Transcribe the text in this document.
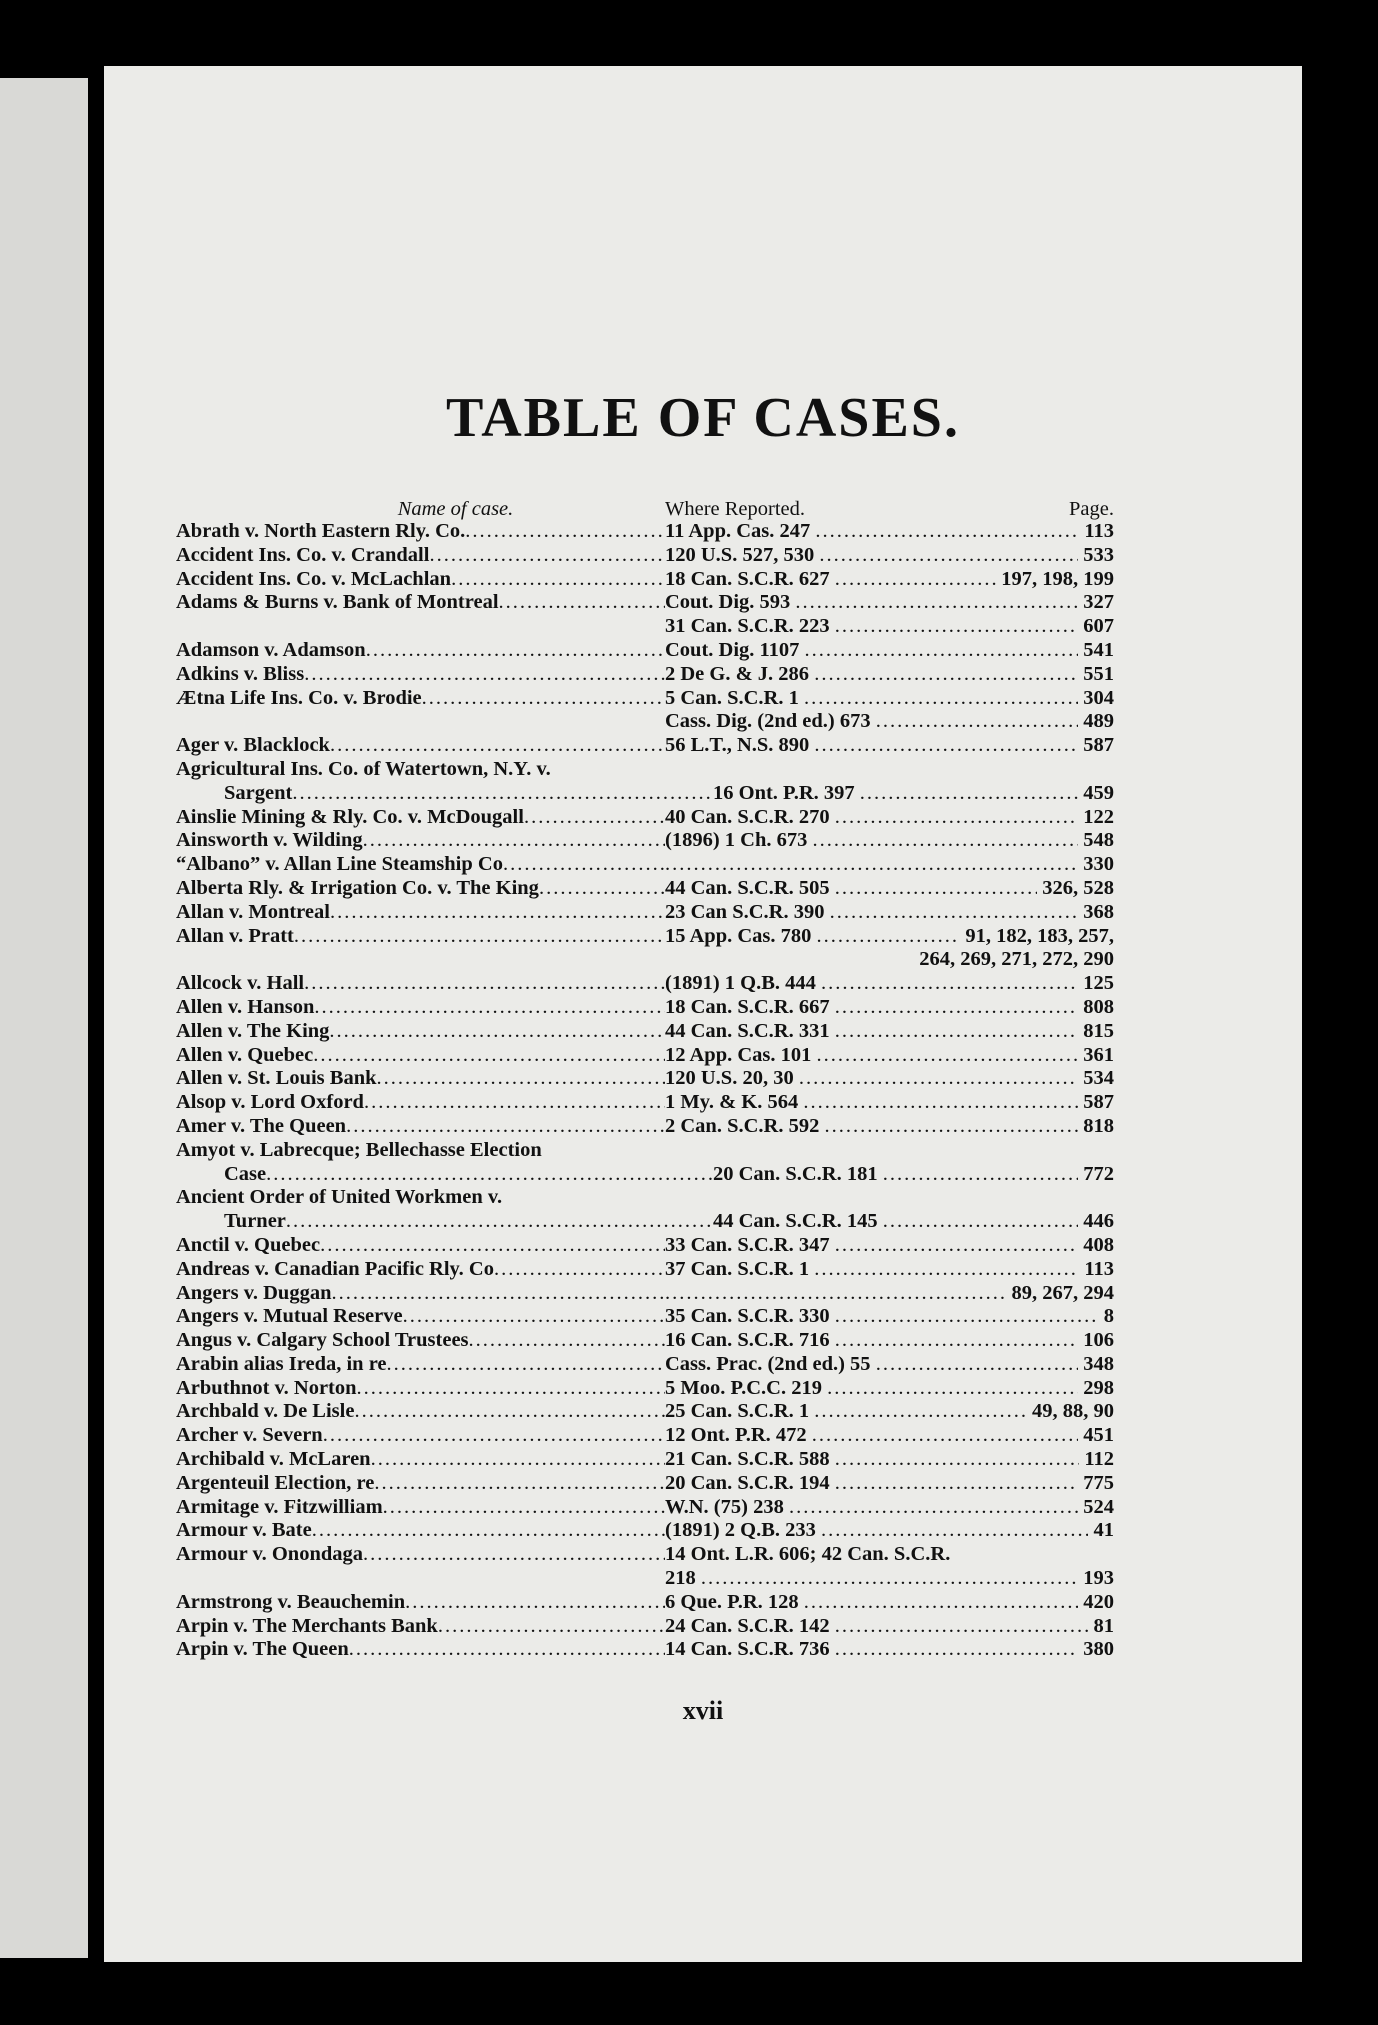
TABLE OF CASES.
Name of case.	Where Reported.	Page.
Abrath v. North Eastern Rly. Co. .....	11 App. Cas. 247 .....	113
Accident Ins. Co. v. Crandall .....	120 U.S. 527, 530 .....	533
Accident Ins. Co. v. McLachlan .....	18 Can. S.C.R. 627 .....	197, 198, 199
Adams & Burns v. Bank of Montreal .....	Cout. Dig. 593 .....	327
31 Can. S.C.R. 223 .....	607
Adamson v. Adamson .....	Cout. Dig. 1107 .....	541
Adkins v. Bliss .....	2 De G. & J. 286 .....	551
Ætna Life Ins. Co. v. Brodie .....	5 Can. S.C.R. 1 .....	304
Cass. Dig. (2nd ed.) 673 .....	489
Ager v. Blacklock .....	56 L.T., N.S. 890 .....	587
Agricultural Ins. Co. of Watertown, N.Y. v.
Sargent .....	16 Ont. P.R. 397 .....	459
Ainslie Mining & Rly. Co. v. McDougall .....	40 Can. S.C.R. 270 .....	122
Ainsworth v. Wilding .....	(1896) 1 Ch. 673 .....	548
“Albano” v. Allan Line Steamship Co ..... .....	330
Alberta Rly. & Irrigation Co. v. The King .....	44 Can. S.C.R. 505 .....	326, 528
Allan v. Montreal .....	23 Can S.C.R. 390 .....	368
Allan v. Pratt .....	15 App. Cas. 780 .....	91, 182, 183, 257,
264, 269, 271, 272, 290
Allcock v. Hall .....	(1891) 1 Q.B. 444 .....	125
Allen v. Hanson .....	18 Can. S.C.R. 667 .....	808
Allen v. The King .....	44 Can. S.C.R. 331 .....	815
Allen v. Quebec .....	12 App. Cas. 101 .....	361
Allen v. St. Louis Bank .....	120 U.S. 20, 30 .....	534
Alsop v. Lord Oxford .....	1 My. & K. 564 .....	587
Amer v. The Queen .....	2 Can. S.C.R. 592 .....	818
Amyot v. Labrecque; Bellechasse Election
Case .....	20 Can. S.C.R. 181 .....	772
Ancient Order of United Workmen v.
Turner .....	44 Can. S.C.R. 145 .....	446
Anctil v. Quebec .....	33 Can. S.C.R. 347 .....	408
Andreas v. Canadian Pacific Rly. Co .....	37 Can. S.C.R. 1 .....	113
Angers v. Duggan ..... .....	89, 267, 294
Angers v. Mutual Reserve .....	35 Can. S.C.R. 330 .....	8
Angus v. Calgary School Trustees .....	16 Can. S.C.R. 716 .....	106
Arabin alias Ireda, in re .....	Cass. Prac. (2nd ed.) 55 .....	348
Arbuthnot v. Norton .....	5 Moo. P.C.C. 219 .....	298
Archbald v. De Lisle .....	25 Can. S.C.R. 1 .....	49, 88, 90
Archer v. Severn .....	12 Ont. P.R. 472 .....	451
Archibald v. McLaren .....	21 Can. S.C.R. 588 .....	112
Argenteuil Election, re .....	20 Can. S.C.R. 194 .....	775
Armitage v. Fitzwilliam .....	W.N. (75) 238 .....	524
Armour v. Bate .....	(1891) 2 Q.B. 233 .....	41
Armour v. Onondaga .....	14 Ont. L.R. 606; 42 Can. S.C.R.
218 .....	193
Armstrong v. Beauchemin .....	6 Que. P.R. 128 .....	420
Arpin v. The Merchants Bank .....	24 Can. S.C.R. 142 .....	81
Arpin v. The Queen .....	14 Can. S.C.R. 736 .....	380
xvii
